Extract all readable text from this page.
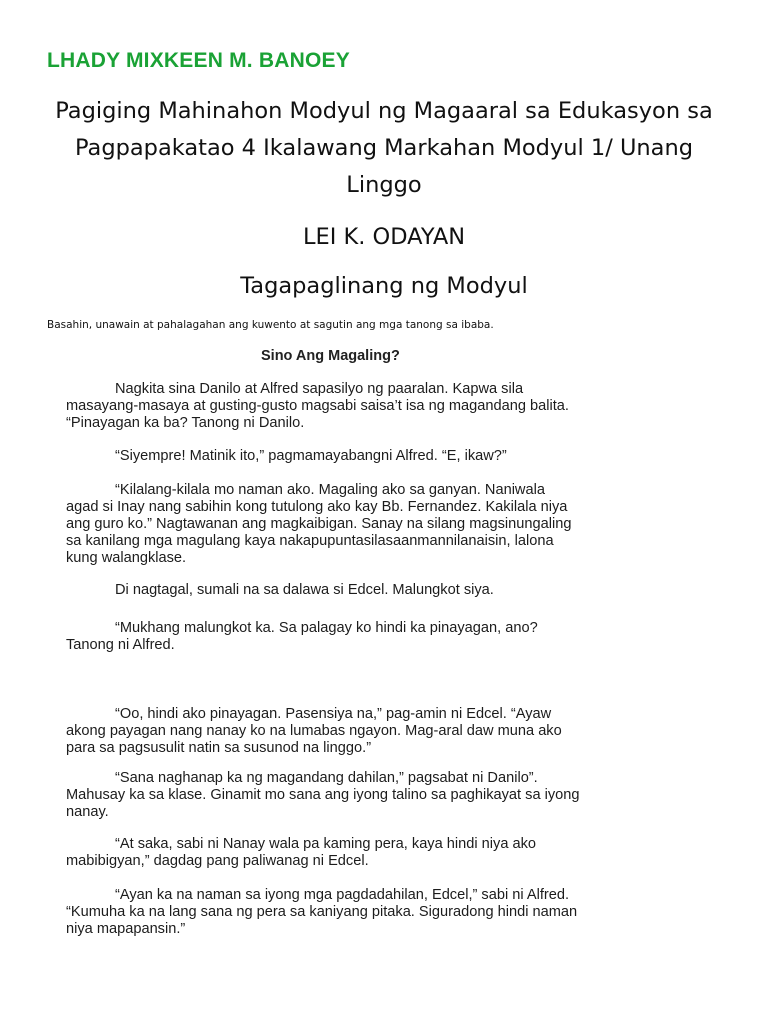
LHADY MIXKEEN M. BANOEY
Pagiging Mahinahon Modyul ng Magaaral sa Edukasyon sa
Pagpapakatao 4 Ikalawang Markahan Modyul 1/ Unang
Linggo
LEI K. ODAYAN
Tagapaglinang ng Modyul
Basahin, unawain at pahalagahan ang kuwento at sagutin ang mga tanong sa ibaba.
Sino Ang Magaling?

Nagkita sina Danilo at Alfred sapasilyo ng paaralan. Kapwa sila
masayang-masaya at gusting-gusto magsabi saisa’t isa ng magandang balita.
“Pinayagan ka ba? Tanong ni Danilo.

“Siyempre! Matinik ito,” pagmamayabangni Alfred. “E, ikaw?”

“Kilalang-kilala mo naman ako. Magaling ako sa ganyan. Naniwala
agad si Inay nang sabihin kong tutulong ako kay Bb. Fernandez. Kakilala niya
ang guro ko.” Nagtawanan ang magkaibigan. Sanay na silang magsinungaling
sa kanilang mga magulang kaya nakapupuntasilasaanmannilanaisin, lalona
kung walangklase.

Di nagtagal, sumali na sa dalawa si Edcel. Malungkot siya.

“Mukhang malungkot ka. Sa palagay ko hindi ka pinayagan, ano?
Tanong ni Alfred.

“Oo, hindi ako pinayagan. Pasensiya na,” pag-amin ni Edcel. “Ayaw
akong payagan nang nanay ko na lumabas ngayon. Mag-aral daw muna ako
para sa pagsusulit natin sa susunod na linggo.”

“Sana naghanap ka ng magandang dahilan,” pagsabat ni Danilo”.
Mahusay ka sa klase. Ginamit mo sana ang iyong talino sa paghikayat sa iyong
nanay.

“At saka, sabi ni Nanay wala pa kaming pera, kaya hindi niya ako
mabibigyan,” dagdag pang paliwanag ni Edcel.

“Ayan ka na naman sa iyong mga pagdadahilan, Edcel,” sabi ni Alfred.
“Kumuha ka na lang sana ng pera sa kaniyang pitaka. Siguradong hindi naman
niya mapapansin.”
